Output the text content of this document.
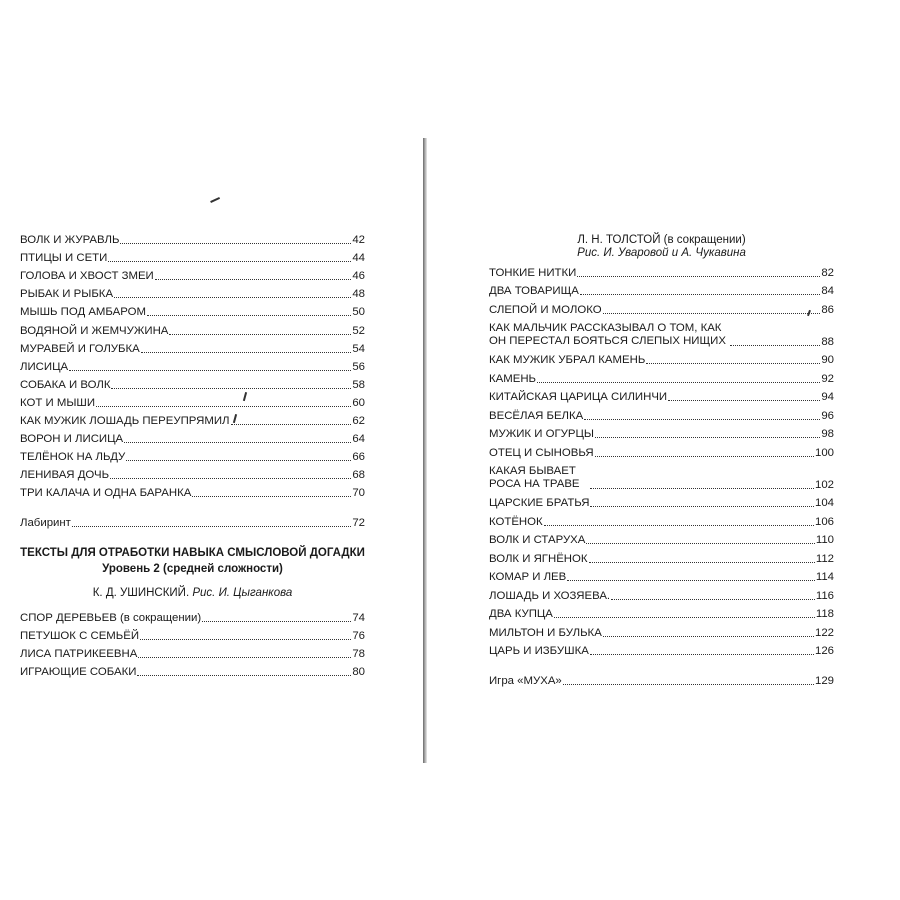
ВОЛК И ЖУРАВЛЬ	42
ПТИЦЫ И СЕТИ	44
ГОЛОВА И ХВОСТ ЗМЕИ	46
РЫБАК И РЫБКА	48
МЫШЬ ПОД АМБАРОМ	50
ВОДЯНОЙ И ЖЕМЧУЖИНА	52
МУРАВЕЙ И ГОЛУБКА	54
ЛИСИЦА	56
СОБАКА И ВОЛК	58
КОТ И МЫШИ	60
КАК МУЖИК ЛОШАДЬ ПЕРЕУПРЯМИЛ	62
ВОРОН И ЛИСИЦА	64
ТЕЛЁНОК НА ЛЬДУ	66
ЛЕНИВАЯ ДОЧЬ	68
ТРИ КАЛАЧА И ОДНА БАРАНКА	70
Лабиринт	72
ТЕКСТЫ ДЛЯ ОТРАБОТКИ НАВЫКА СМЫСЛОВОЙ ДОГАДКИ
Уровень 2 (средней сложности)
К. Д. УШИНСКИЙ. Рис. И. Цыганкова
СПОР ДЕРЕВЬЕВ (в сокращении)	74
ПЕТУШОК С СЕМЬЁЙ	76
ЛИСА ПАТРИКЕЕВНА	78
ИГРАЮЩИЕ СОБАКИ	80
Л. Н. ТОЛСТОЙ (в сокращении)
Рис. И. Уваровой и А. Чукавина
ТОНКИЕ НИТКИ	82
ДВА ТОВАРИЩА	84
СЛЕПОЙ И МОЛОКО	86
КАК МАЛЬЧИК РАССКАЗЫВАЛ О ТОМ, КАК ОН ПЕРЕСТАЛ БОЯТЬСЯ СЛЕПЫХ НИЩИХ	88
КАК МУЖИК УБРАЛ КАМЕНЬ	90
КАМЕНЬ	92
КИТАЙСКАЯ ЦАРИЦА СИЛИНЧИ	94
ВЕСЁЛАЯ БЕЛКА	96
МУЖИК И ОГУРЦЫ	98
ОТЕЦ И СЫНОВЬЯ	100
КАКАЯ БЫВАЕТ РОСА НА ТРАВЕ	102
ЦАРСКИЕ БРАТЬЯ	104
КОТЁНОК	106
ВОЛК И СТАРУХА	110
ВОЛК И ЯГНЁНОК	112
КОМАР И ЛЕВ	114
ЛОШАДЬ И ХОЗЯЕВА.	116
ДВА КУПЦА	118
МИЛЬТОН И БУЛЬКА	122
ЦАРЬ И ИЗБУШКА	126
Игра «МУХА»	129
